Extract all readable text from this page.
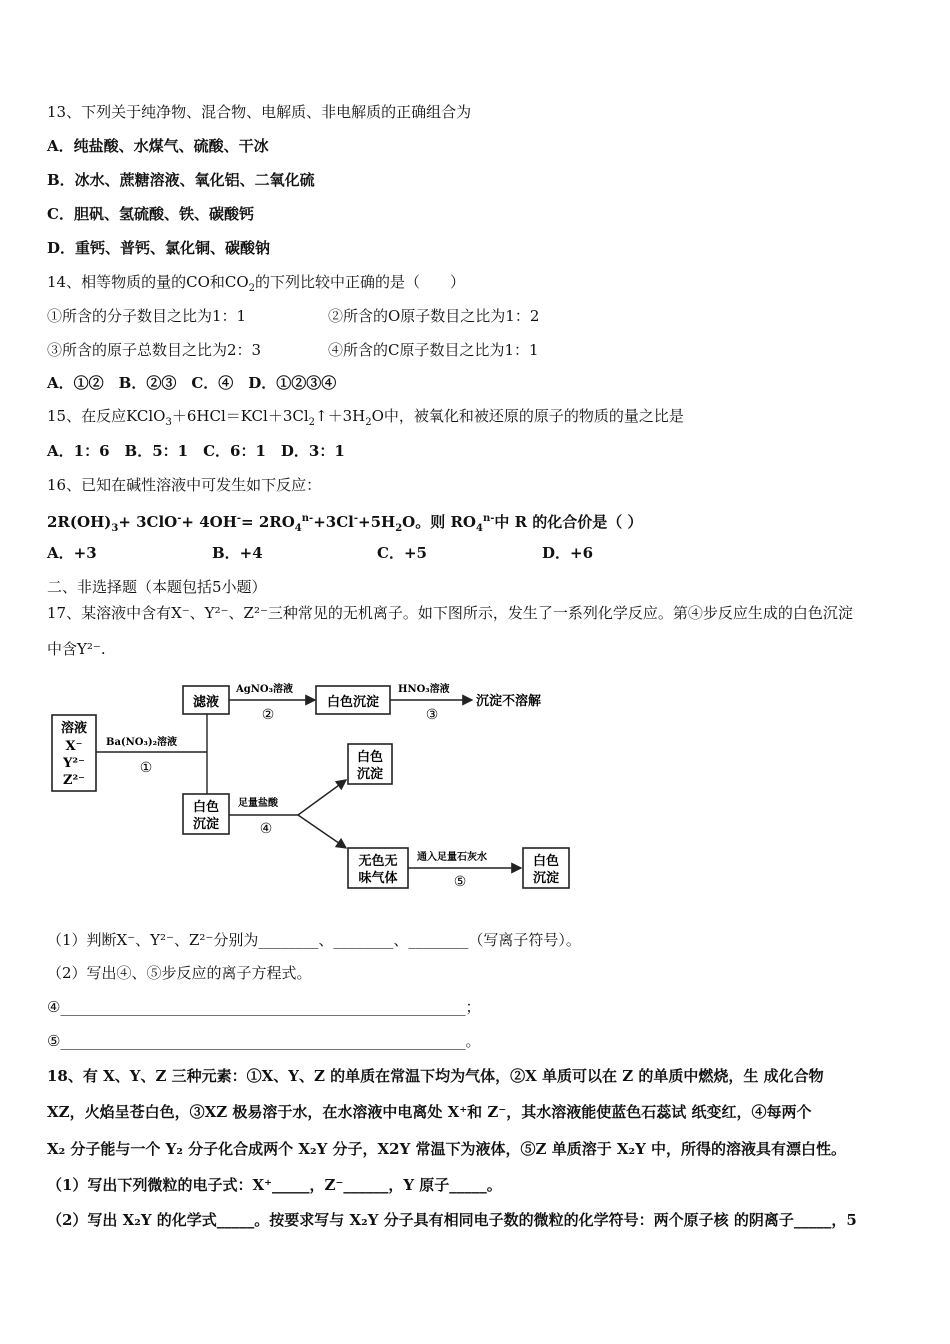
13、下列关于纯净物、混合物、电解质、非电解质的正确组合为
A．纯盐酸、水煤气、硫酸、干冰
B．冰水、蔗糖溶液、氧化铝、二氧化硫
C．胆矾、氢硫酸、铁、碳酸钙
D．重钙、普钙、氯化铜、碳酸钠
14、相等物质的量的CO和$CO_2$的下列比较中正确的是（　　）
①所含的分子数目之比为1：1	②所含的O原子数目之比为1：2
③所含的原子总数目之比为2：3	④所含的C原子数目之比为1：1
A．①②　B．②③　C．④　D．①②③④
15、在反应$KClO_3+6HCl=KCl+3Cl_2↑+3H_2O$中，被氧化和被还原的原子的物质的量之比是
A．1：6　B．5：1　C．6：1　D．3：1
16、已知在碱性溶液中可发生如下反应：
$2R(OH)_3+ 3ClO^-+ 4OH^-= 2RO_4^{n-}+3Cl^-+5H_2O$。则 $RO_4^{n-}$中 R 的化合价是（ ）
A．+3	B．+4	C．+5	D．+6
二、非选择题（本题包括5小题）
17、某溶液中含有X⁻、Y²⁻、Z²⁻三种常见的无机离子。如下图所示，发生了一系列化学反应。第④步反应生成的白色沉淀
中含Y²⁻.
溶液
X⁻
Y²⁻
Z²⁻
Ba(NO₃)₂溶液
①
滤液
AgNO₃溶液
②
白色沉淀
HNO₃溶液
③
沉淀不溶解
白色
沉淀
足量盐酸
④
白色
沉淀
无色无
味气体
通入足量石灰水
⑤
白色
沉淀
（1）判断X⁻、Y²⁻、Z²⁻分别为________、________、________（写离子符号）。
（2）写出④、⑤步反应的离子方程式。
④______________________________________________________；
⑤______________________________________________________。
18、有 X、Y、Z 三种元素：①X、Y、Z 的单质在常温下均为气体，②X 单质可以在 Z 的单质中燃烧，生 成化合物
XZ，火焰呈苍白色，③XZ 极易溶于水，在水溶液中电离处 X⁺和 Z⁻，其水溶液能使蓝色石蕊试 纸变红，④每两个
X₂ 分子能与一个 Y₂ 分子化合成两个 X₂Y 分子，X2Y 常温下为液体，⑤Z 单质溶于 X₂Y 中，所得的溶液具有漂白性。
（1）写出下列微粒的电子式：X⁺_____，Z⁻______，Y 原子_____。
（2）写出 X₂Y 的化学式_____。按要求写与 X₂Y 分子具有相同电子数的微粒的化学符号：两个原子核 的阴离子_____，5
